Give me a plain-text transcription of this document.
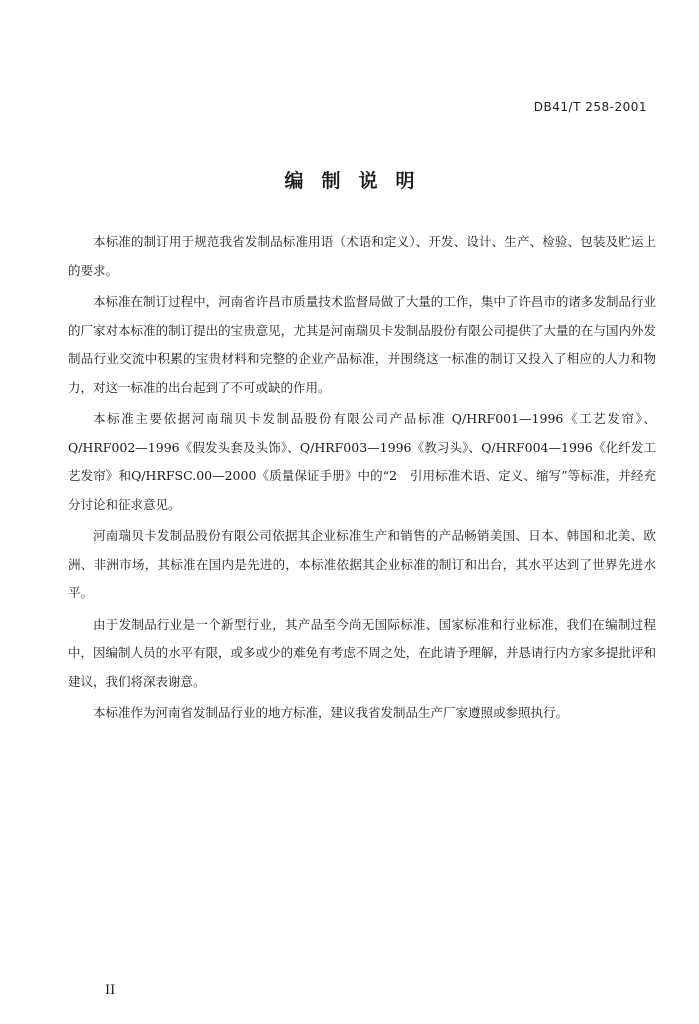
DB41/T 258-2001
编制说明

本标准的制订用于规范我省发制品标准用语（术语和定义）、开发、设计、生产、检验、包装及贮运上的要求。

本标准在制订过程中，河南省许昌市质量技术监督局做了大量的工作，集中了许昌市的诸多发制品行业的厂家对本标准的制订提出的宝贵意见，尤其是河南瑞贝卡发制品股份有限公司提供了大量的在与国内外发制品行业交流中积累的宝贵材料和完整的企业产品标准，并围绕这一标准的制订又投入了相应的人力和物力，对这一标准的出台起到了不可或缺的作用。

本标准主要依据河南瑞贝卡发制品股份有限公司产品标准 Q/HRF001—1996《工艺发帘》、Q/HRF002—1996《假发头套及头饰》、Q/HRF003—1996《教习头》、Q/HRF004—1996《化纤发工艺发帘》和Q/HRFSC.00—2000《质量保证手册》中的“2　引用标准术语、定义、缩写”等标准，并经充分讨论和征求意见。

河南瑞贝卡发制品股份有限公司依据其企业标准生产和销售的产品畅销美国、日本、韩国和北美、欧洲、非洲市场，其标准在国内是先进的，本标准依据其企业标准的制订和出台，其水平达到了世界先进水平。

由于发制品行业是一个新型行业，其产品至今尚无国际标准、国家标准和行业标准，我们在编制过程中，因编制人员的水平有限，或多或少的难免有考虑不周之处，在此请予理解，并恳请行内方家多提批评和建议，我们将深表谢意。

本标准作为河南省发制品行业的地方标准，建议我省发制品生产厂家遵照或参照执行。

II
